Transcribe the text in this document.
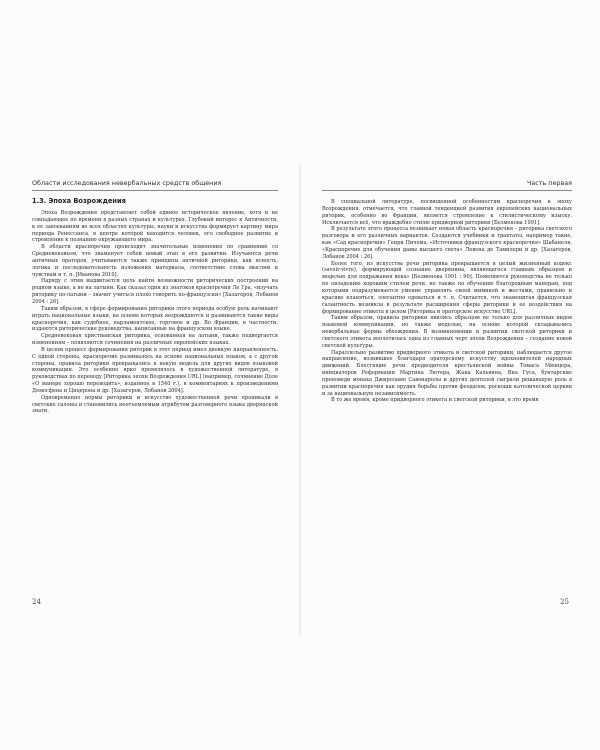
Области исследования невербальных средств общения
1.3. Эпоха Возрождения

Эпоха Возрождения представляет собой единое историческое явление, хотя и не совпадающее по времени в разных странах и культурах. Глубокий интерес к Античности, к ее завоеваниям во всех областях культуры, науки и искусства формирует картину мира периода Ренессанса, в центре которой находится человек, его свободное развитие и стремление к познанию окружающего мира.

В области красноречия происходят значительные изменения по сравнению со Средневековьем, что знаменует собой новый этап в его развитии. Изучаются речи античных ораторов, учитываются также принципы античной риторики, как ясность, логика и последовательность изложения материала, соответствие слова мыслям и чувствам и т. п. [Иванова 2010].

Наряду с этим выдвигается цель найти возможности риторических построений на родном языке, а не на латыни. Как сказал один из знатоков красноречия Ле Гра, «изучать риторику по-латыни – значит учиться плохо говорить по-французски» [Хазагеров, Лобанов 2004 : 26].

Таким образом, в сфере формирования риторики этого периода особую роль начинают играть национальные языки, на основе которых возрождаются и развиваются такие виды красноречия, как судебное, парламентское, торговое и др. Во Франции, в частности, издаются риторические руководства, написанные на французском языке.

Средневековая христианская риторика, основанная на латыни, также подвергается изменениям – появляются сочинения на различных европейских языках.

В целом процесс формирования риторик в этот период имел двоякую направленность. С одной стороны, красноречие развивалось на основе национальных языков, а с другой стороны, правила риторики превращались в некую модель для других видов языковой коммуникации. Это особенно ярко проявлялось в художественной литературе, в руководствах по переводу [Риторика эпохи Возрождения URL] (например, сочинение Доле «О манере хорошо переводить», изданное в 1540 г.), в комментариях к произведениям Демосфена и Цицерона и др. [Хазагеров, Лобанов 2004].

Одновременно нормы риторики и искусство художественной речи проникали в светские салоны и становились неотъемлемым атрибутом разговорного языка дворянской знати.

Часть первая

В специальной литературе, посвященной особенностям красноречия в эпоху Возрождения, отмечается, что главной тенденцией развития европейских национальных риторик, особенно во Франции, является стремление к стилистическому изыску. Исключается всё, что враждебно стилю придворной риторики [Безменова 1991].

В результате этого процесса возникает новая область красноречия – риторика светского разговора и его различных вариантов. Создаются учебники и трактаты, например такие, как «Сад красноречия» Генри Пичема, «Источники французского красноречия» Шабанеля, «Красноречие для обучения дамы высшего света» Левена де Тамилери и др. [Хазагеров, Лобанов 2004 : 26].

Более того, из искусства речи риторика превращается в целый жизненный кодекс (savoir-vivre), формирующий сознание дворянина, являющегося главным образцом и моделью для подражания века» [Безменова 1991 : 90]. Появляются руководства не только по овладению хорошим стилем речи, но также по обучению благородным манерам, под которыми подразумевается умение управлять своей мимикой и жестами, правильно и красиво кланяться, элегантно одеваться и т. п. Считается, что знаменитая французская галантность возникла в результате расширения сферы риторики и ее воздействия на формирование этикета в целом [Риторика и ораторское искусство URL].

Таким образом, правила риторики явились образцом не только для различных видов языковой коммуникации, но также моделью, на основе которой складывались невербальные формы обхождения. В возникновении и развитии светской риторики и светского этикета воплотилась одна из главных черт эпохи Возрождения – создание новой светской культуры.

Параллельно развитию придворного этикета и светской риторики, наблюдается другое направление, возникшее благодаря ораторскому искусству вдохновителей народных движений. Блестящие речи предводителя крестьянской войны Томаса Мюнцера, инициаторов Реформации Мартина Лютера, Жана Кальвина, Яна Гуса, бунтарские проповеди монаха Джироламо Савонаролы и других деятелей сыграли решающую роль в развитии красноречия как орудия борьбы против феодалов, роскоши католической церкви и за национальную независимость.

В то же время, кроме придворного этикета и светской риторики, в это время

24	25
